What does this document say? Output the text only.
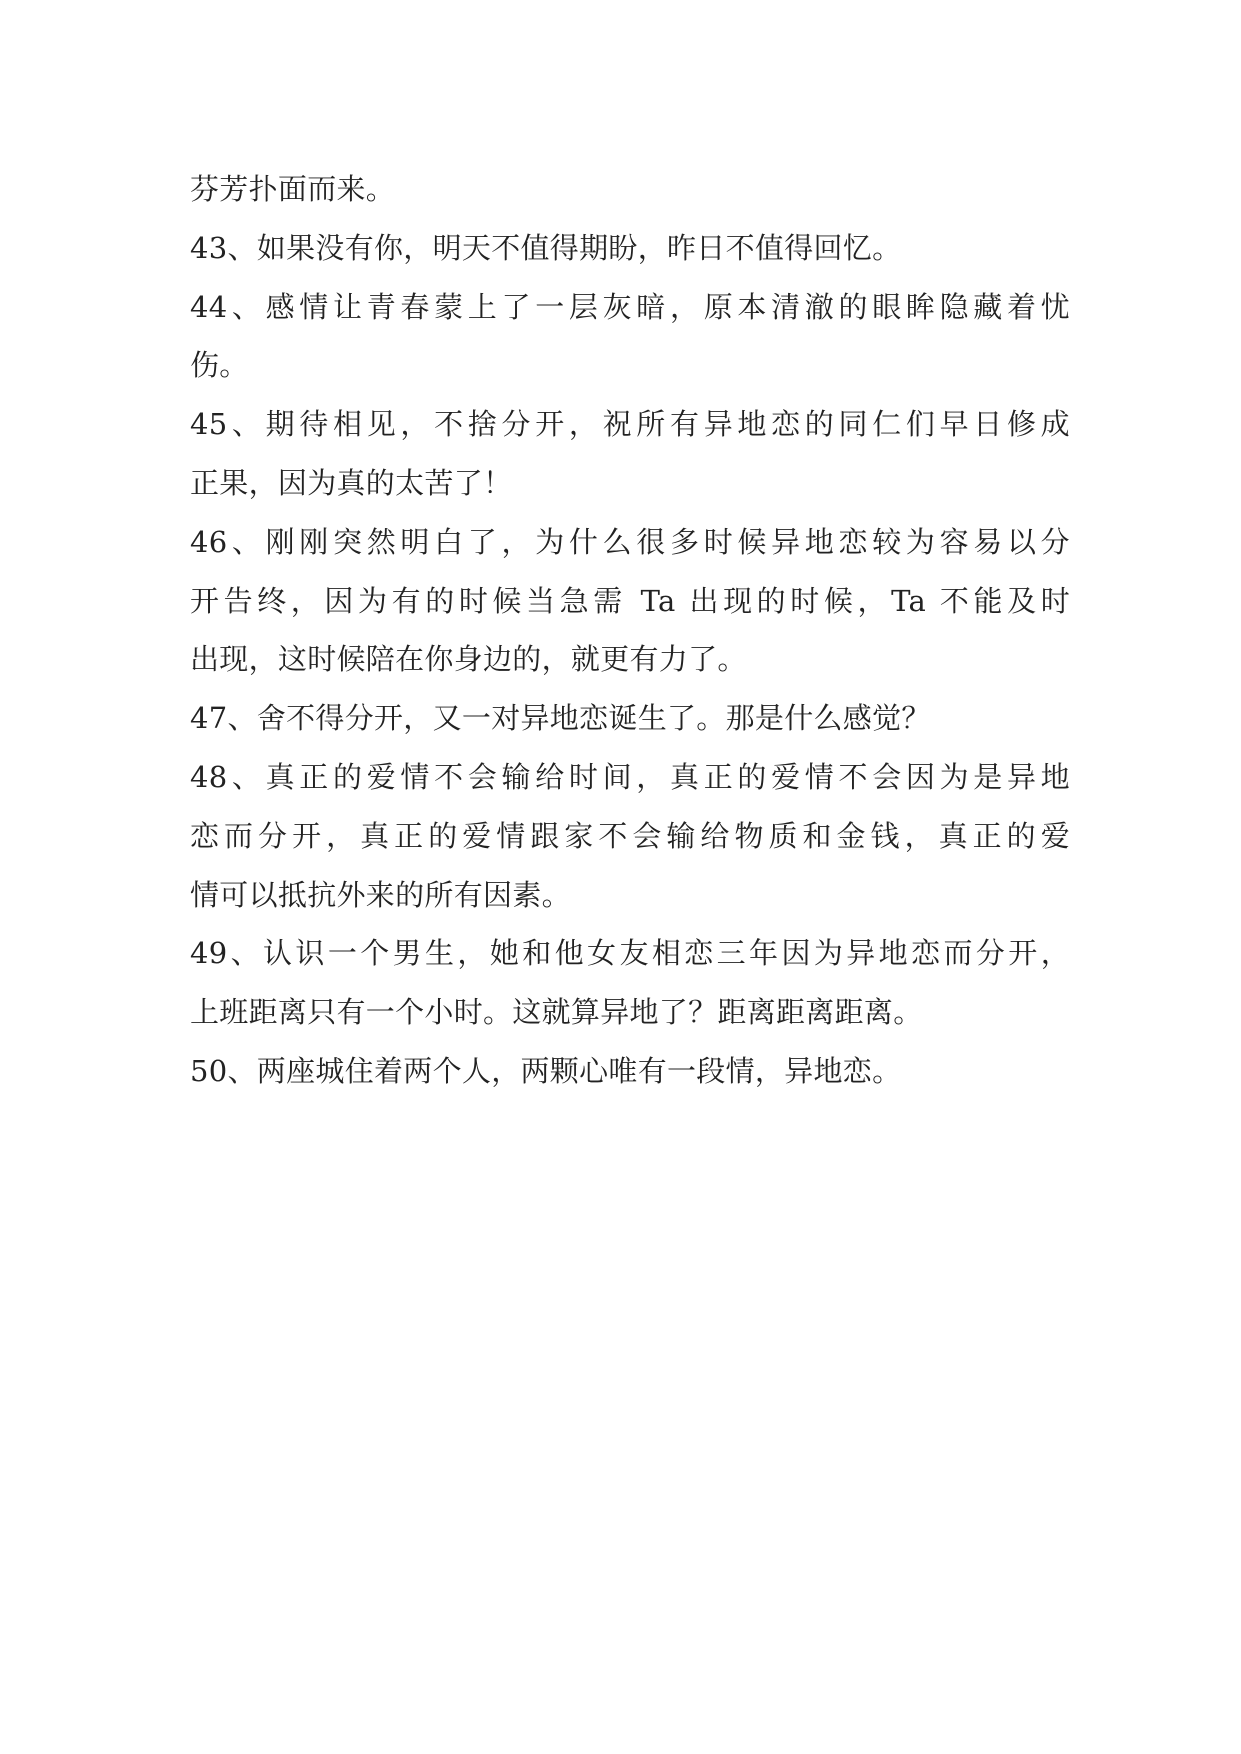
芬芳扑面而来。
43、如果没有你，明天不值得期盼，昨日不值得回忆。
44、感情让青春蒙上了一层灰暗，原本清澈的眼眸隐藏着忧
伤。
45、期待相见，不捨分开，祝所有异地恋的同仁们早日修成
正果，因为真的太苦了！
46、刚刚突然明白了，为什么很多时候异地恋较为容易以分
开告终，因为有的时候当急需 Ta 出现的时候，Ta 不能及时
出现，这时候陪在你身边的，就更有力了。
47、舍不得分开，又一对异地恋诞生了。那是什么感觉？
48、真正的爱情不会输给时间，真正的爱情不会因为是异地
恋而分开，真正的爱情跟家不会输给物质和金钱，真正的爱
情可以抵抗外来的所有因素。
49、认识一个男生，她和他女友相恋三年因为异地恋而分开，
上班距离只有一个小时。这就算异地了？距离距离距离。
50、两座城住着两个人，两颗心唯有一段情，异地恋。
